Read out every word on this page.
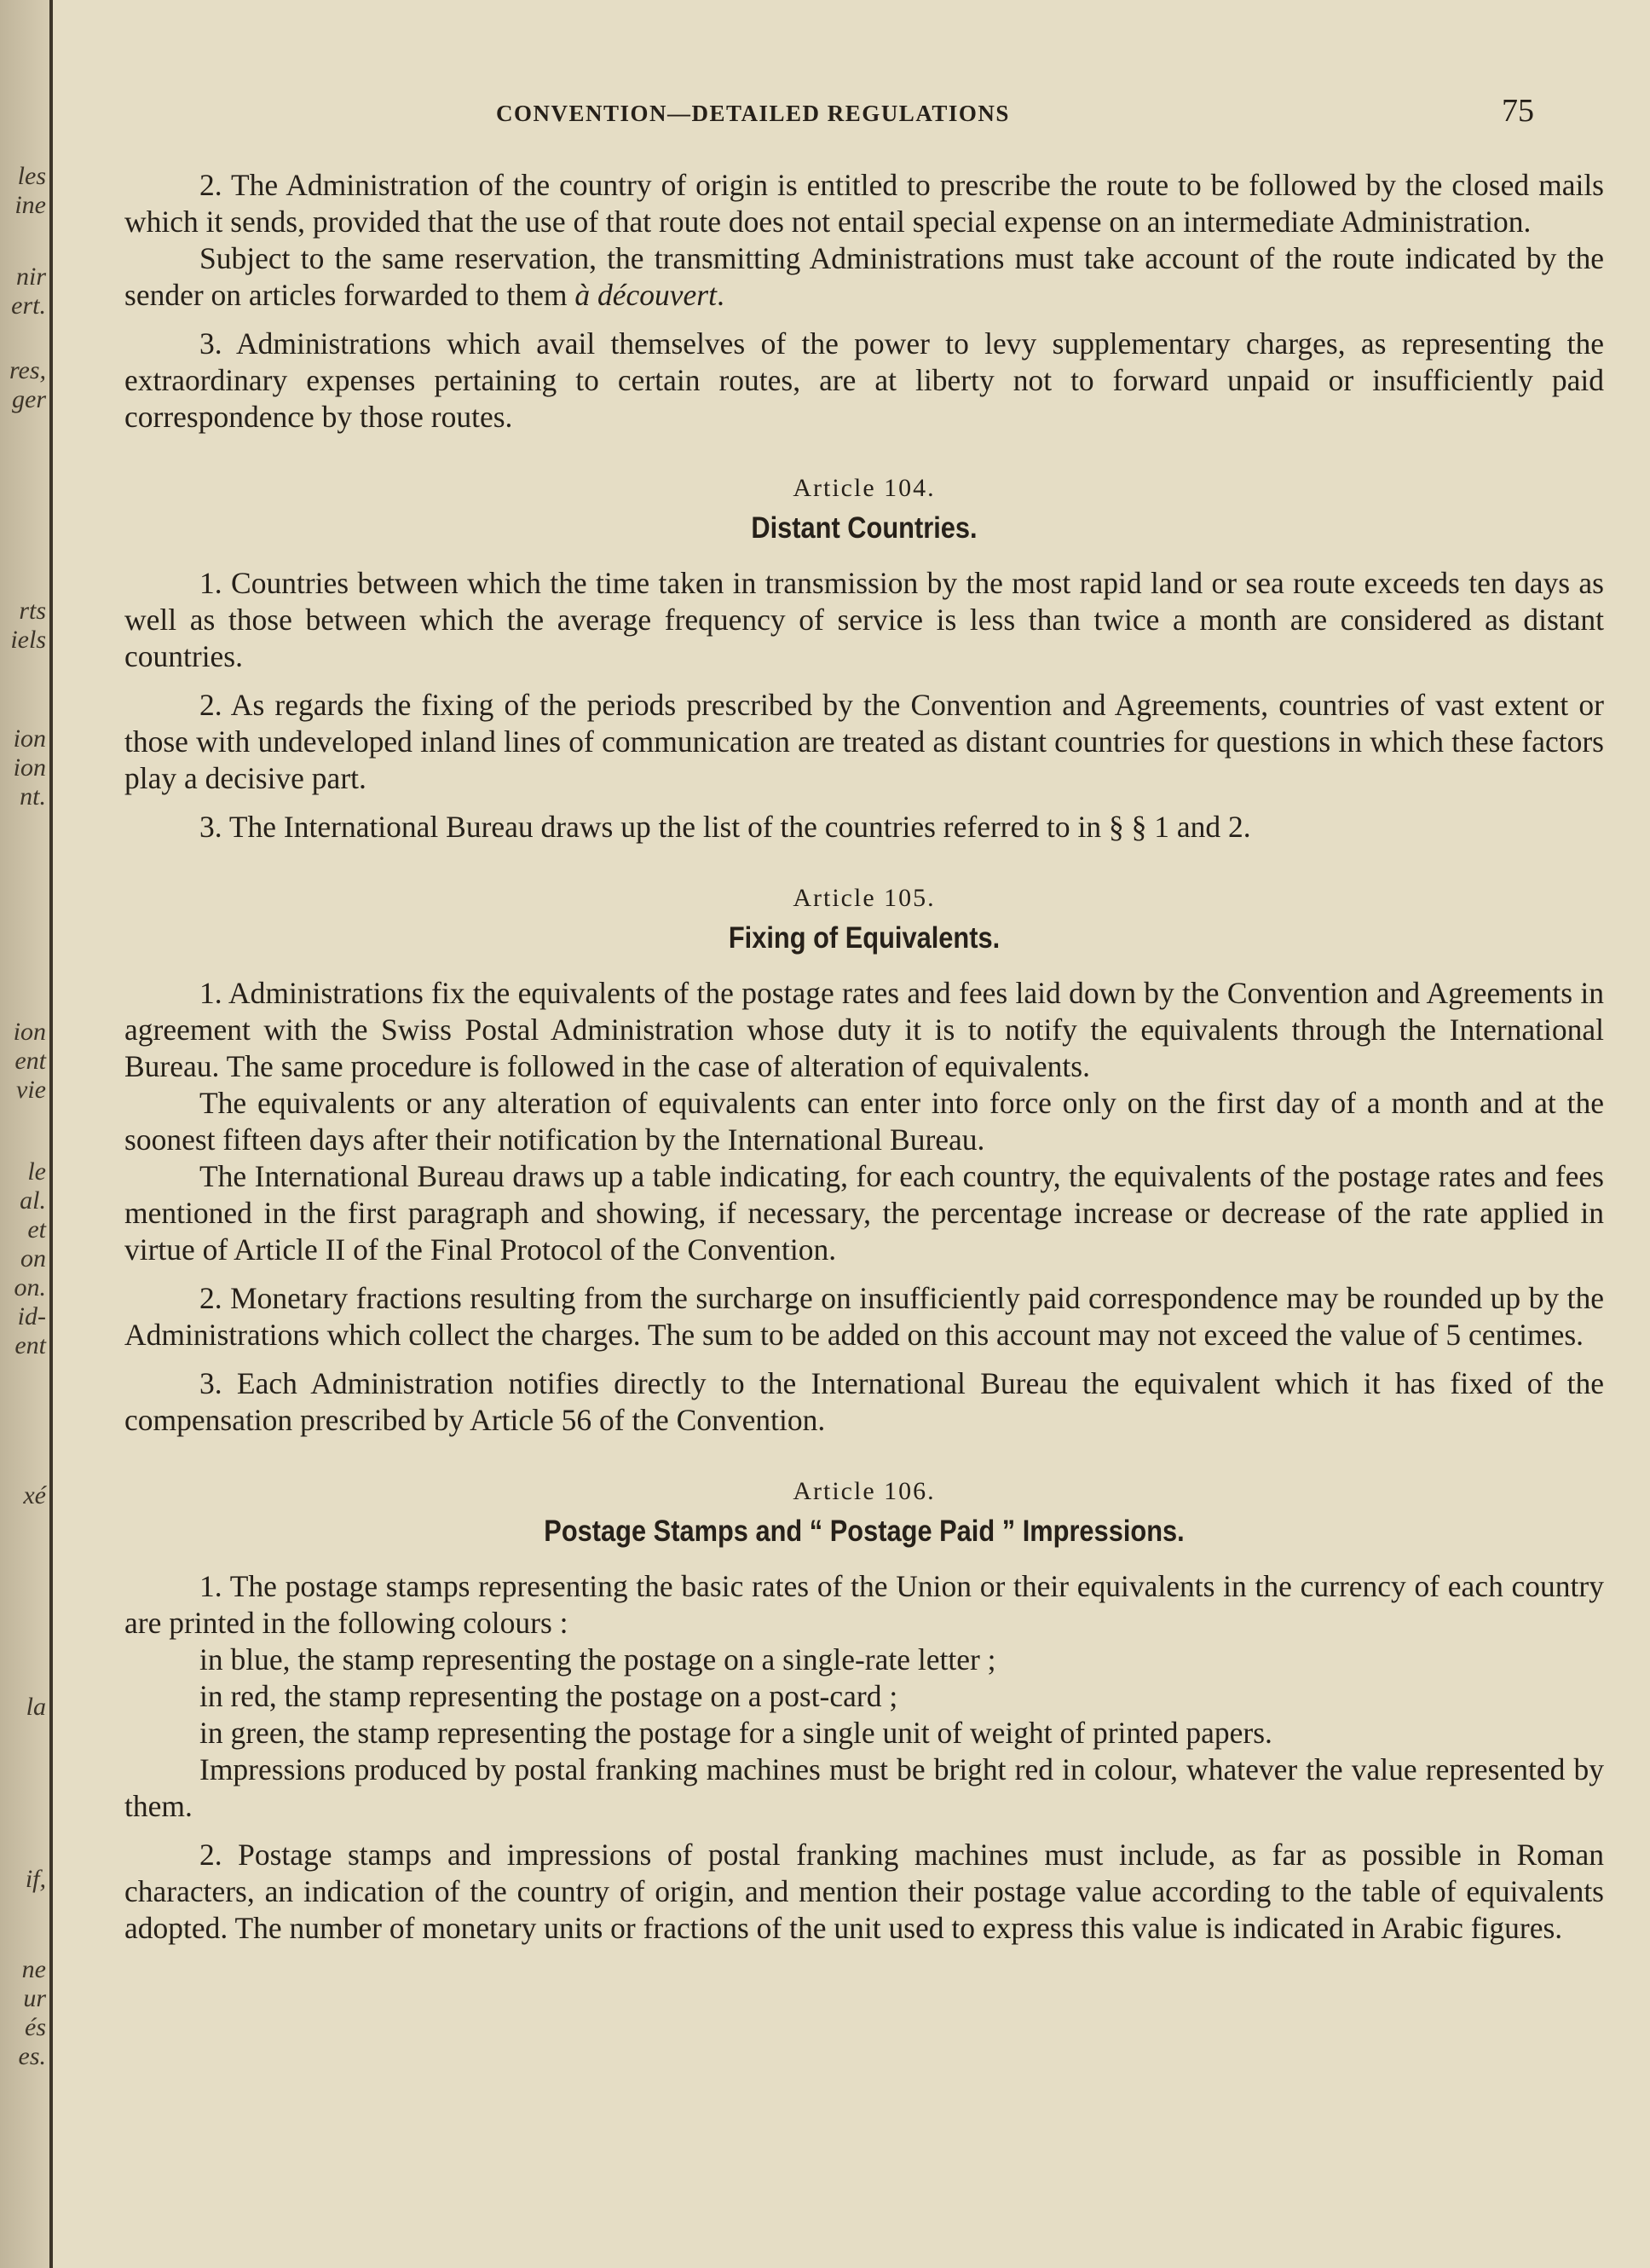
les
ine
nir
ert.
res,
ger
rts
iels
ion
ion
nt.
ion
ent
vie
le
al.
et
on
on.
id-
ent
xé
la
if,
ne
ur
és
es.
CONVENTION—DETAILED REGULATIONS	75

2. The Administration of the country of origin is entitled to prescribe the route to be followed by the closed mails which it sends, provided that the use of that route does not entail special expense on an intermediate Administration.

Subject to the same reservation, the transmitting Administrations must take account of the route indicated by the sender on articles forwarded to them à découvert.

3. Administrations which avail themselves of the power to levy supplementary charges, as representing the extraordinary expenses pertaining to certain routes, are at liberty not to forward unpaid or insufficiently paid correspondence by those routes.

Article 104.
Distant Countries.

1. Countries between which the time taken in transmission by the most rapid land or sea route exceeds ten days as well as those between which the average frequency of service is less than twice a month are considered as distant countries.

2. As regards the fixing of the periods prescribed by the Convention and Agreements, countries of vast extent or those with undeveloped inland lines of communication are treated as distant countries for questions in which these factors play a decisive part.

3. The International Bureau draws up the list of the countries referred to in § § 1 and 2.

Article 105.
Fixing of Equivalents.

1. Administrations fix the equivalents of the postage rates and fees laid down by the Convention and Agreements in agreement with the Swiss Postal Administration whose duty it is to notify the equivalents through the International Bureau. The same procedure is followed in the case of alteration of equivalents.

The equivalents or any alteration of equivalents can enter into force only on the first day of a month and at the soonest fifteen days after their notification by the International Bureau.

The International Bureau draws up a table indicating, for each country, the equivalents of the postage rates and fees mentioned in the first paragraph and showing, if necessary, the percentage increase or decrease of the rate applied in virtue of Article II of the Final Protocol of the Convention.

2. Monetary fractions resulting from the surcharge on insufficiently paid correspondence may be rounded up by the Administrations which collect the charges. The sum to be added on this account may not exceed the value of 5 centimes.

3. Each Administration notifies directly to the International Bureau the equivalent which it has fixed of the compensation prescribed by Article 56 of the Convention.

Article 106.
Postage Stamps and “ Postage Paid ” Impressions.

1. The postage stamps representing the basic rates of the Union or their equivalents in the currency of each country are printed in the following colours :

in blue, the stamp representing the postage on a single-rate letter ;

in red, the stamp representing the postage on a post-card ;

in green, the stamp representing the postage for a single unit of weight of printed papers.

Impressions produced by postal franking machines must be bright red in colour, whatever the value represented by them.

2. Postage stamps and impressions of postal franking machines must include, as far as possible in Roman characters, an indication of the country of origin, and mention their postage value according to the table of equivalents adopted. The number of monetary units or fractions of the unit used to express this value is indicated in Arabic figures.
